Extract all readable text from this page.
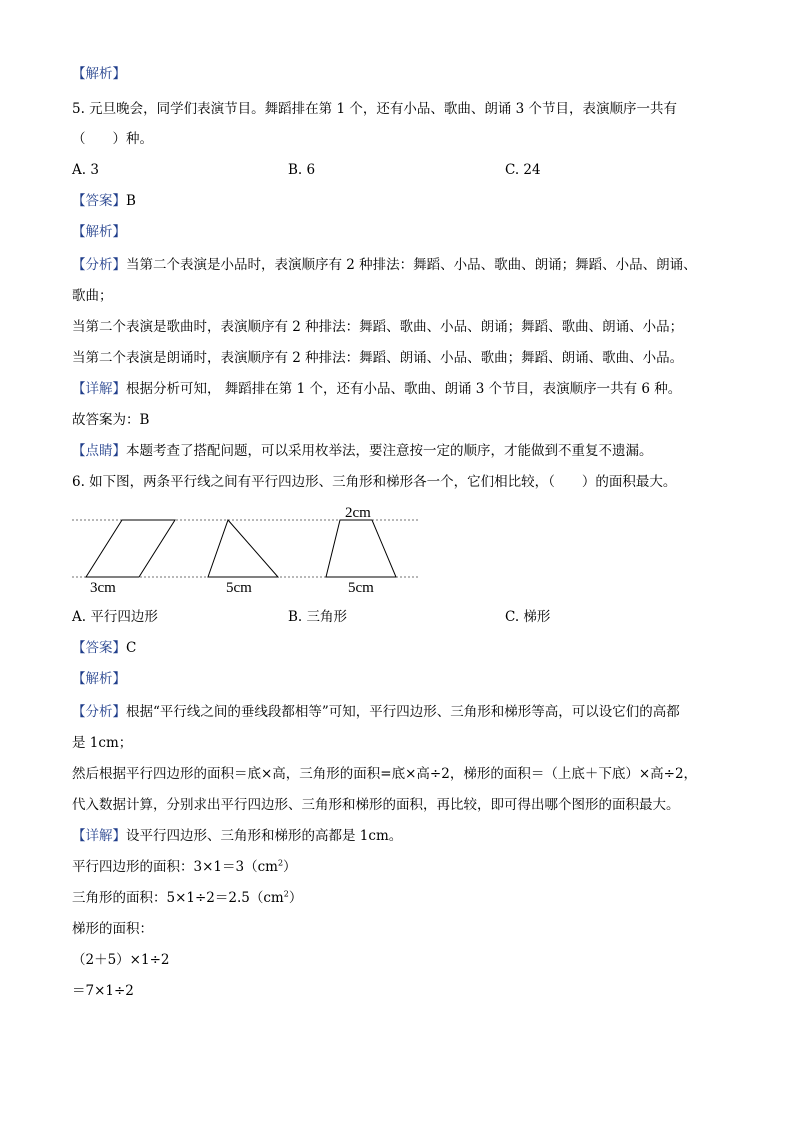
【解析】
5. 元旦晚会，同学们表演节目。舞蹈排在第 1 个，还有小品、歌曲、朗诵 3 个节目，表演顺序一共有
（　　）种。
A. 3	B. 6	C. 24
【答案】B
【解析】
【分析】当第二个表演是小品时，表演顺序有 2 种排法：舞蹈、小品、歌曲、朗诵；舞蹈、小品、朗诵、
歌曲；
当第二个表演是歌曲时，表演顺序有 2 种排法：舞蹈、歌曲、小品、朗诵；舞蹈、歌曲、朗诵、小品；
当第二个表演是朗诵时，表演顺序有 2 种排法：舞蹈、朗诵、小品、歌曲；舞蹈、朗诵、歌曲、小品。
【详解】根据分析可知， 舞蹈排在第 1 个，还有小品、歌曲、朗诵 3 个节目，表演顺序一共有 6 种。
故答案为：B
【点睛】本题考查了搭配问题，可以采用枚举法，要注意按一定的顺序，才能做到不重复不遗漏。
6. 如下图，两条平行线之间有平行四边形、三角形和梯形各一个，它们相比较，（　　）的面积最大。
2cm
3cm	5cm	5cm
A. 平行四边形	B. 三角形	C. 梯形
【答案】C
【解析】
【分析】根据“平行线之间的垂线段都相等”可知，平行四边形、三角形和梯形等高，可以设它们的高都
是 1cm；
然后根据平行四边形的面积＝底×高，三角形的面积=底×高÷2，梯形的面积＝（上底＋下底）×高÷2，
代入数据计算，分别求出平行四边形、三角形和梯形的面积，再比较，即可得出哪个图形的面积最大。
【详解】设平行四边形、三角形和梯形的高都是 1cm。
平行四边形的面积：$3\times 1=3(cm^2)$
三角形的面积：$5\times 1\div 2=2.5(cm^2)$
梯形的面积：
（2＋5）×1÷2
＝7×1÷2
